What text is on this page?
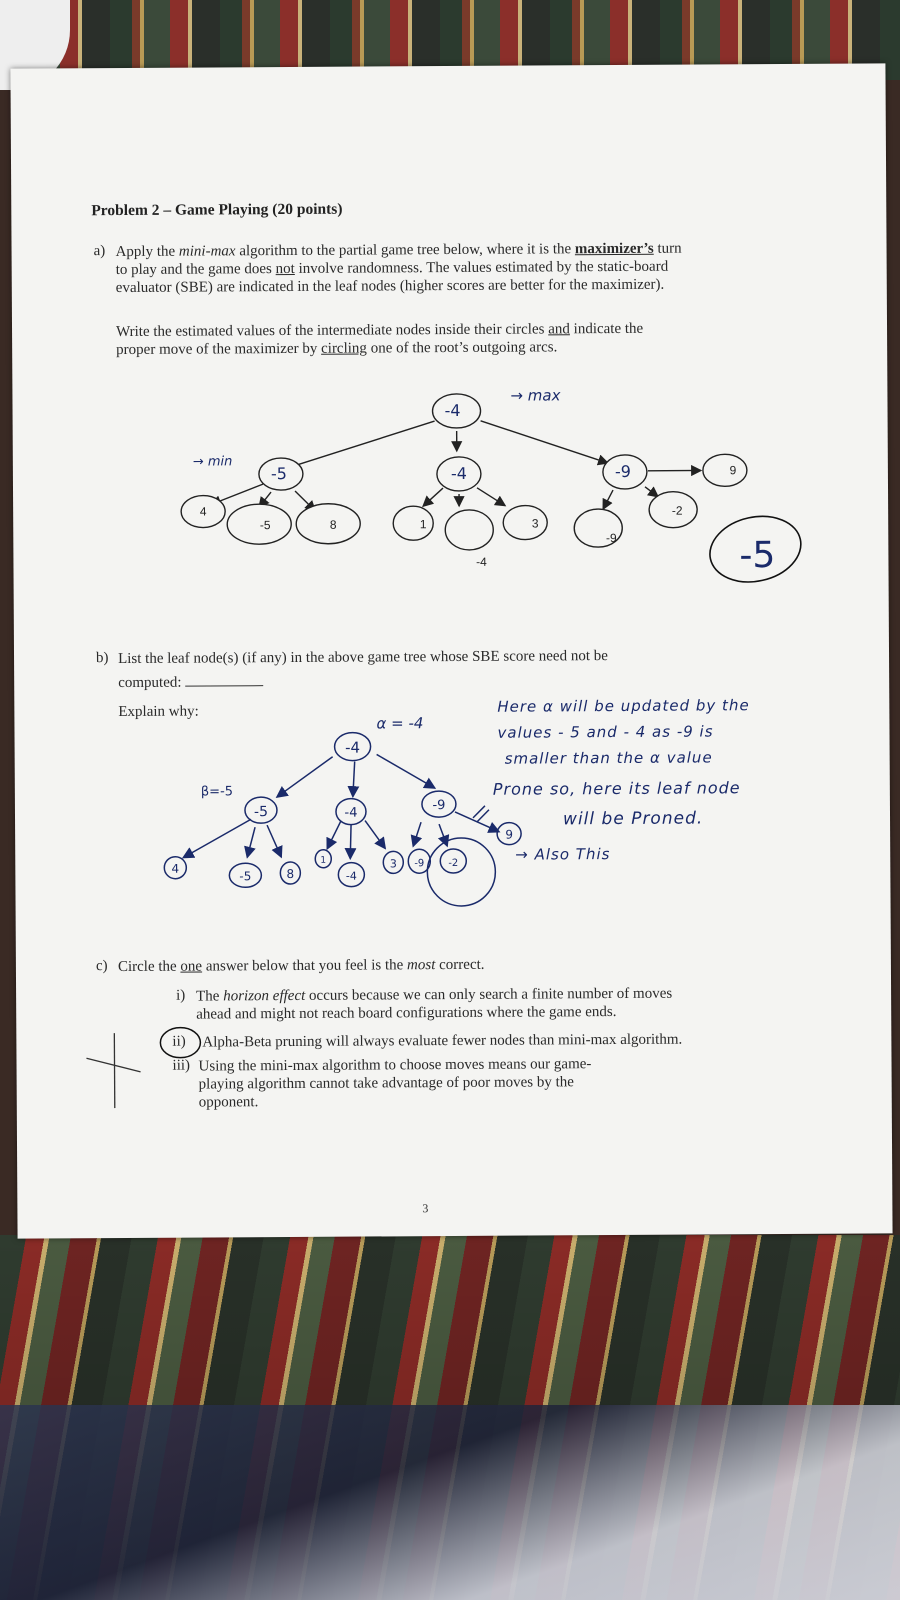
Problem 2 – Game Playing (20 points)
a) Apply the mini-max algorithm to the partial game tree below, where it is the maximizer’s turn
to play and the game does not involve randomness. The values estimated by the static-board
evaluator (SBE) are indicated in the leaf nodes (higher scores are better for the maximizer).
Write the estimated values of the intermediate nodes inside their circles and indicate the
proper move of the maximizer by circling one of the root’s outgoing arcs.
-4
→ max
→ min
-5	-4	-9
4
-5	8	1
-4
3
9
-2
-9	-5
b) List the leaf node(s) (if any) in the above game tree whose SBE score need not be
computed:
Explain why:
-4
α = -4
β=-5
-5	-4	-9
4
-5	8
1
-4
3 -9 -2
9
Here α will be updated by the
values - 5 and - 4 as -9 is
smaller than the α value
Prone so, here its leaf node
will be Proned.
→ Also This
c) Circle the one answer below that you feel is the most correct.
i) The horizon effect occurs because we can only search a finite number of moves
ahead and might not reach board configurations where the game ends.
ii) Alpha-Beta pruning will always evaluate fewer nodes than mini-max algorithm.
iii) Using the mini-max algorithm to choose moves means our game-
playing algorithm cannot take advantage of poor moves by the
opponent.
3
